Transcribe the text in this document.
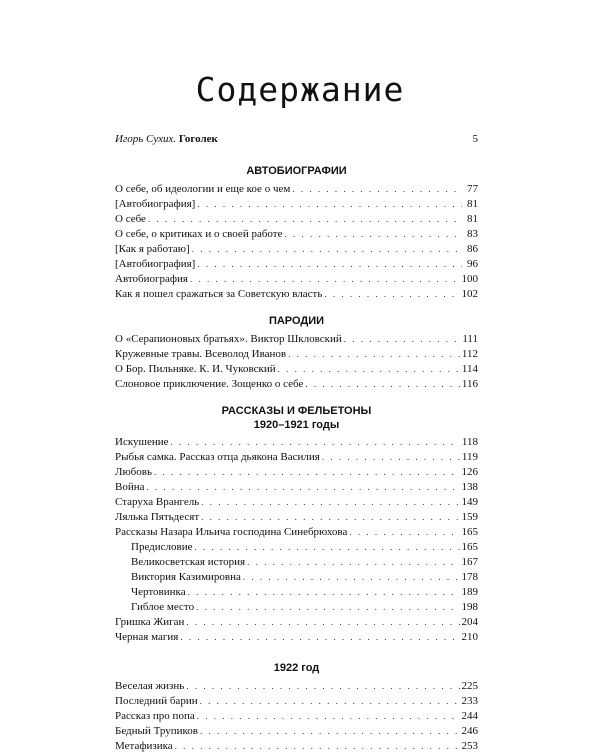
Содержание
Игорь Сухих. Гоголек	5
АВТОБИОГРАФИИ
О себе, об идеологии и еще кое о чем . . .	77
[Автобиография] . . .	81
О себе . . .	81
О себе, о критиках и о своей работе . . .	83
[Как я работаю] . . .	86
[Автобиография] . . .	96
Автобиография . . .	100
Как я пошел сражаться за Советскую власть . . .	102
ПАРОДИИ
О «Серапионовых братьях». Виктор Шкловский . . .	111
Кружевные травы. Всеволод Иванов . . .	112
О Бор. Пильняке. К. И. Чуковский . . .	114
Слоновое приключение. Зощенко о себе . . .	116
РАССКАЗЫ И ФЕЛЬЕТОНЫ
1920–1921 годы
Искушение . . .	118
Рыбья самка. Рассказ отца дьякона Василия . . .	119
Любовь . . .	126
Война . . .	138
Старуха Врангель . . .	149
Лялька Пятьдесят . . .	159
Рассказы Назара Ильича господина Синебрюхова . . .	165
Предисловие . . .	165
Великосветская история . . .	167
Виктория Казимировна . . .	178
Чертовинка . . .	189
Гиблое место . . .	198
Гришка Жиган . . .	204
Черная магия . . .	210
1922 год
Веселая жизнь . . .	225
Последний барин . . .	233
Рассказ про попа . . .	244
Бедный Трупиков . . .	246
Метафизика . . .	253
